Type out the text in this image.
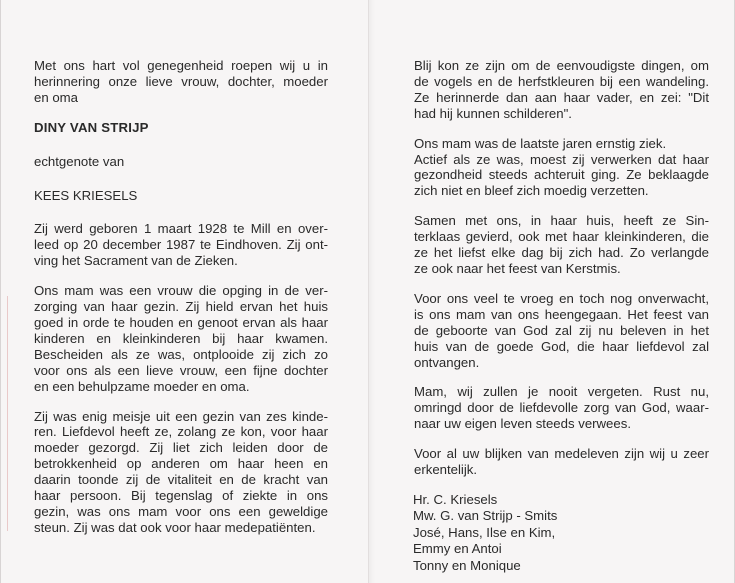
Met ons hart vol genegenheid roepen wij u in
herinnering onze lieve vrouw, dochter, moeder
en oma

DINY VAN STRIJP

echtgenote van

KEES KRIESELS

Zij werd geboren 1 maart 1928 te Mill en over-
leed op 20 december 1987 te Eindhoven. Zij ont-
ving het Sacrament van de Zieken.

Ons mam was een vrouw die opging in de ver-
zorging van haar gezin. Zij hield ervan het huis
goed in orde te houden en genoot ervan als haar
kinderen en kleinkinderen bij haar kwamen.
Bescheiden als ze was, ontplooide zij zich zo
voor ons als een lieve vrouw, een fijne dochter
en een behulpzame moeder en oma.

Zij was enig meisje uit een gezin van zes kinde-
ren. Liefdevol heeft ze, zolang ze kon, voor haar
moeder gezorgd. Zij liet zich leiden door de
betrokkenheid op anderen om haar heen en
daarin toonde zij de vitaliteit en de kracht van
haar persoon. Bij tegenslag of ziekte in ons
gezin, was ons mam voor ons een geweldige
steun. Zij was dat ook voor haar medepatiënten.

Blij kon ze zijn om de eenvoudigste dingen, om
de vogels en de herfstkleuren bij een wandeling.
Ze herinnerde dan aan haar vader, en zei: "Dit
had hij kunnen schilderen".

Ons mam was de laatste jaren ernstig ziek.
Actief als ze was, moest zij verwerken dat haar
gezondheid steeds achteruit ging. Ze beklaagde
zich niet en bleef zich moedig verzetten.

Samen met ons, in haar huis, heeft ze Sin-
terklaas gevierd, ook met haar kleinkinderen, die
ze het liefst elke dag bij zich had. Zo verlangde
ze ook naar het feest van Kerstmis.

Voor ons veel te vroeg en toch nog onverwacht,
is ons mam van ons heengegaan. Het feest van
de geboorte van God zal zij nu beleven in het
huis van de goede God, die haar liefdevol zal
ontvangen.

Mam, wij zullen je nooit vergeten. Rust nu,
omringd door de liefdevolle zorg van God, waar-
naar uw eigen leven steeds verwees.

Voor al uw blijken van medeleven zijn wij u zeer
erkentelijk.

Hr. C. Kriesels
Mw. G. van Strijp - Smits
José, Hans, Ilse en Kim,
Emmy en Antoi
Tonny en Monique
